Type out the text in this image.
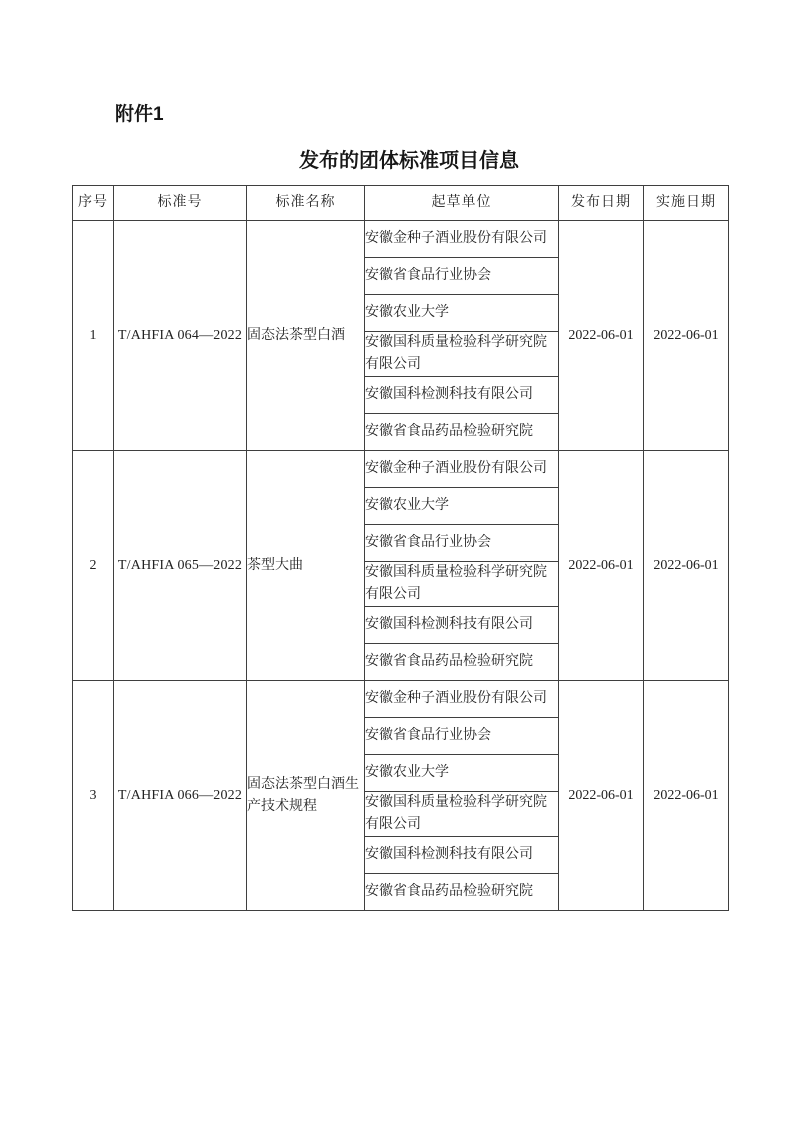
附件1
发布的团体标准项目信息
序号	标准号	标准名称	起草单位	发布日期	实施日期
1	T/AHFIA 064—2022	固态法茶型白酒	安徽金种子酒业股份有限公司	2022-06-01	2022-06-01
			安徽省食品行业协会		
			安徽农业大学		
			安徽国科质量检验科学研究院有限公司		
			安徽国科检测科技有限公司		
			安徽省食品药品检验研究院		
2	T/AHFIA 065—2022	茶型大曲	安徽金种子酒业股份有限公司	2022-06-01	2022-06-01
			安徽农业大学		
			安徽省食品行业协会		
			安徽国科质量检验科学研究院有限公司		
			安徽国科检测科技有限公司		
			安徽省食品药品检验研究院		
3	T/AHFIA 066—2022	固态法茶型白酒生产技术规程	安徽金种子酒业股份有限公司	2022-06-01	2022-06-01
			安徽省食品行业协会		
			安徽农业大学		
			安徽国科质量检验科学研究院有限公司		
			安徽国科检测科技有限公司		
			安徽省食品药品检验研究院		
